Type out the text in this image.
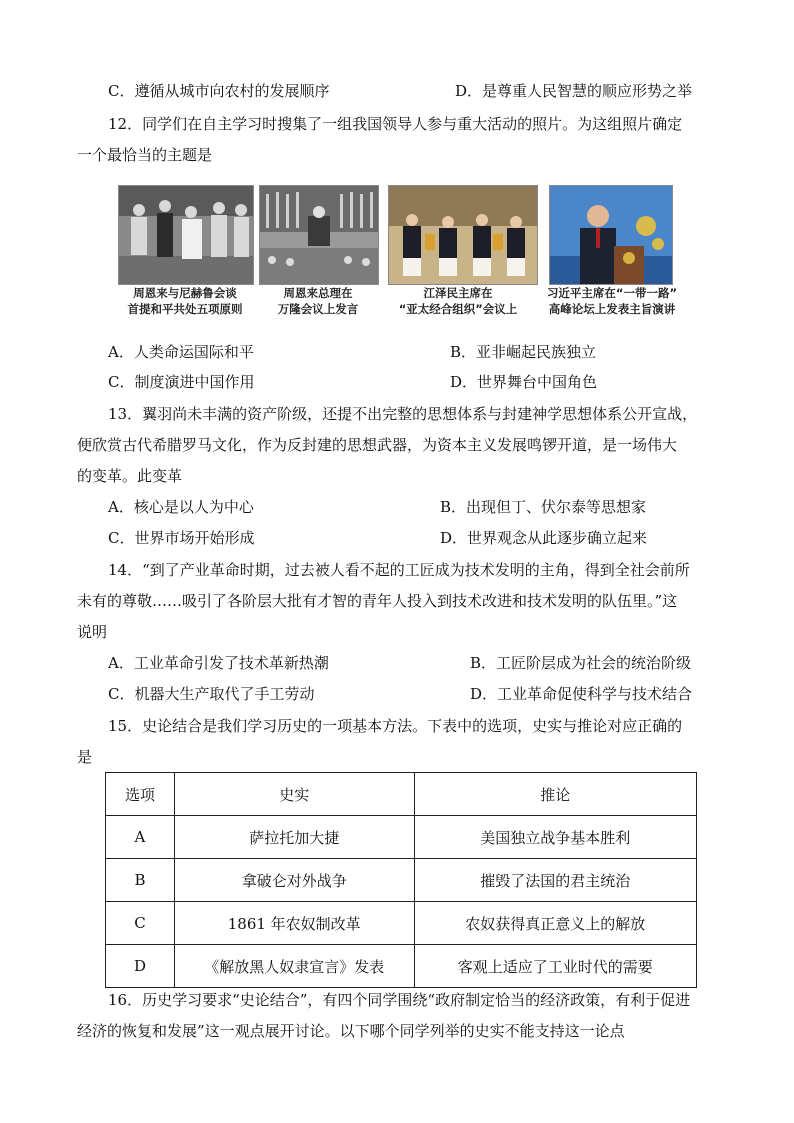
C．遵循从城市向农村的发展顺序	D．是尊重人民智慧的顺应形势之举
12．同学们在自主学习时搜集了一组我国领导人参与重大活动的照片。为这组照片确定
一个最恰当的主题是
周恩来与尼赫鲁会谈
首提和平共处五项原则
周恩来总理在
万隆会议上发言
江泽民主席在
“亚太经合组织”会议上
习近平主席在“一带一路”
高峰论坛上发表主旨演讲
A．人类命运国际和平	B．亚非崛起民族独立
C．制度演进中国作用	D．世界舞台中国角色
13．翼羽尚未丰满的资产阶级，还提不出完整的思想体系与封建神学思想体系公开宣战，
便欣赏古代希腊罗马文化，作为反封建的思想武器，为资本主义发展鸣锣开道，是一场伟大
的变革。此变革
A．核心是以人为中心	B．出现但丁、伏尔泰等思想家
C．世界市场开始形成	D．世界观念从此逐步确立起来
14．“到了产业革命时期，过去被人看不起的工匠成为技术发明的主角，得到全社会前所
未有的尊敬……吸引了各阶层大批有才智的青年人投入到技术改进和技术发明的队伍里。”这
说明
A．工业革命引发了技术革新热潮	B．工匠阶层成为社会的统治阶级
C．机器大生产取代了手工劳动	D．工业革命促使科学与技术结合
15．史论结合是我们学习历史的一项基本方法。下表中的选项，史实与推论对应正确的
是
选项	史实	推论
A	萨拉托加大捷	美国独立战争基本胜利
B	拿破仑对外战争	摧毁了法国的君主统治
C	1861 年农奴制改革	农奴获得真正意义上的解放
D	《解放黑人奴隶宣言》发表	客观上适应了工业时代的需要
16．历史学习要求“史论结合”，有四个同学围绕“政府制定恰当的经济政策，有利于促进
经济的恢复和发展”这一观点展开讨论。以下哪个同学列举的史实不能支持这一论点
